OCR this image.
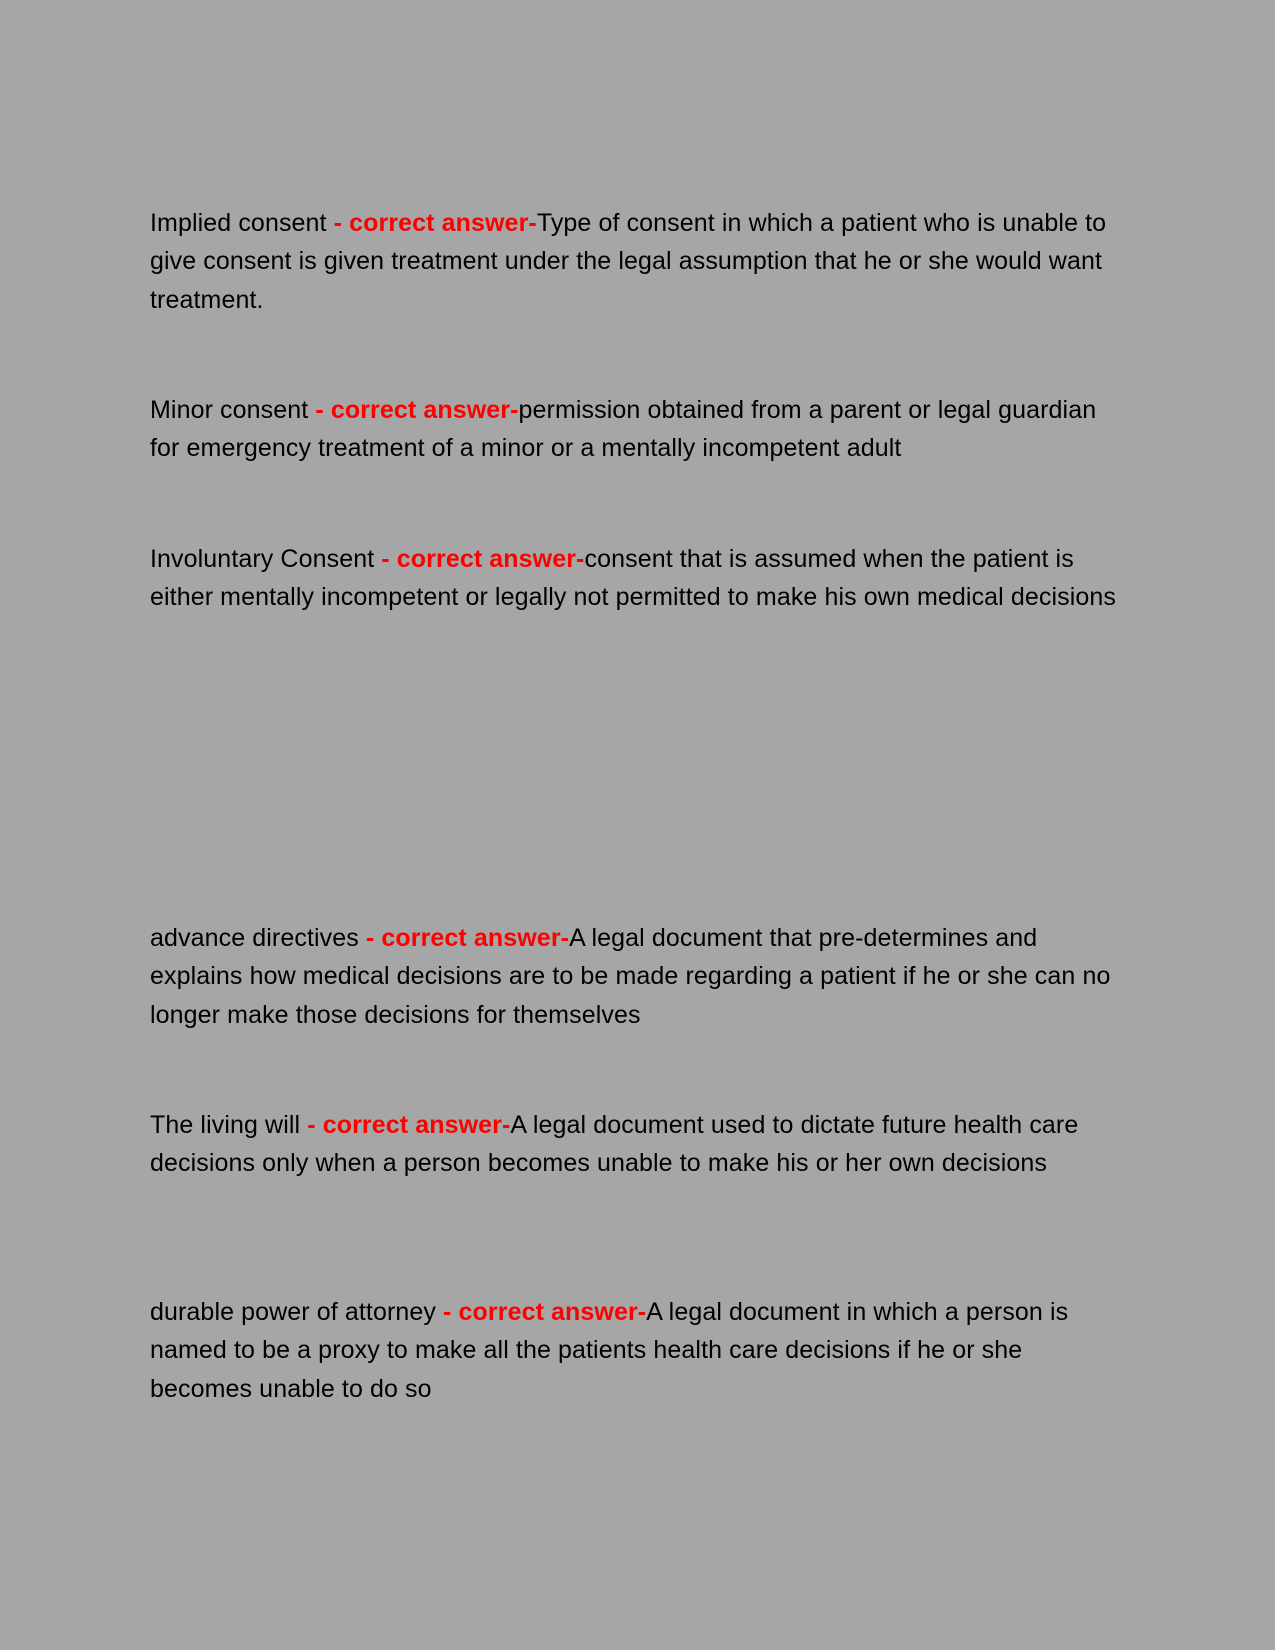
Implied consent - correct answer-Type of consent in which a patient who is unable to give consent is given treatment under the legal assumption that he or she would want treatment.

Minor consent - correct answer-permission obtained from a parent or legal guardian for emergency treatment of a minor or a mentally incompetent adult

Involuntary Consent - correct answer-consent that is assumed when the patient is either mentally incompetent or legally not permitted to make his own medical decisions

advance directives - correct answer-A legal document that pre-determines and explains how medical decisions are to be made regarding a patient if he or she can no longer make those decisions for themselves

The living will - correct answer-A legal document used to dictate future health care decisions only when a person becomes unable to make his or her own decisions

durable power of attorney - correct answer-A legal document in which a person is named to be a proxy to make all the patients health care decisions if he or she becomes unable to do so
